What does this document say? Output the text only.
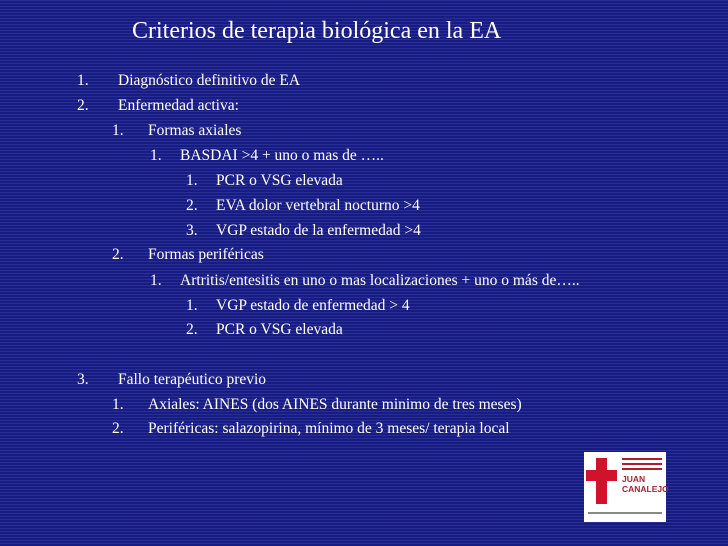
Criterios de terapia biológica en la EA
1. Diagnóstico definitivo de EA
2. Enfermedad activa:
1. Formas axiales
1. BASDAI >4 + uno o mas de …..
1. PCR o VSG elevada
2. EVA dolor vertebral nocturno >4
3. VGP estado de la enfermedad >4
2. Formas periféricas
1. Artritis/entesitis en uno o mas localizaciones + uno o más de…..
1. VGP estado de enfermedad > 4
2. PCR o VSG elevada
3. Fallo terapéutico previo
1. Axiales: AINES (dos AINES durante minimo de tres meses)
2. Periféricas: salazopirina, mínimo de 3 meses/ terapia local
JUAN
CANALEJO
